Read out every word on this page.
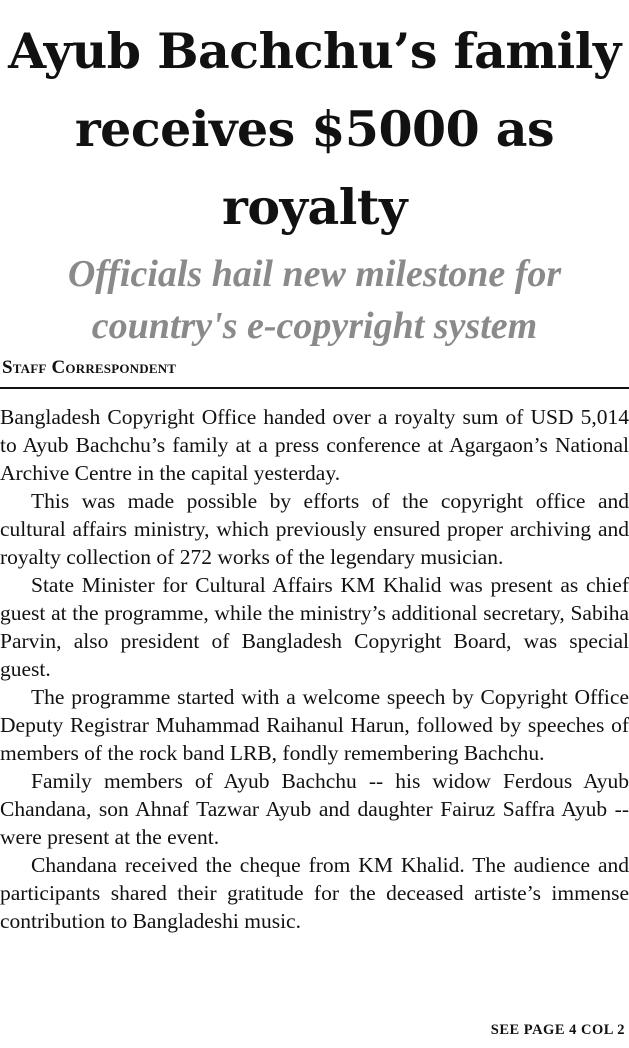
Ayub Bachchu’s family receives $5000 as royalty
Officials hail new milestone for country's e-copyright system
Staff Correspondent

Bangladesh Copyright Office handed over a royalty sum of USD 5,014 to Ayub Bachchu’s family at a press conference at Agargaon’s National Archive Centre in the capital yesterday.

This was made possible by efforts of the copyright office and cultural affairs ministry, which previously ensured proper archiving and royalty collection of 272 works of the legendary musician.

State Minister for Cultural Affairs KM Khalid was present as chief guest at the programme, while the ministry’s additional secretary, Sabiha Parvin, also president of Bangladesh Copyright Board, was special guest.

The programme started with a welcome speech by Copyright Office Deputy Registrar Muhammad Raihanul Harun, followed by speeches of members of the rock band LRB, fondly remembering Bachchu.

Family members of Ayub Bachchu -- his widow Ferdous Ayub Chandana, son Ahnaf Tazwar Ayub and daughter Fairuz Saffra Ayub -- were present at the event.

Chandana received the cheque from KM Khalid. The audience and participants shared their gratitude for the deceased artiste’s immense contribution to Bangladeshi music.

SEE PAGE 4 COL 2
